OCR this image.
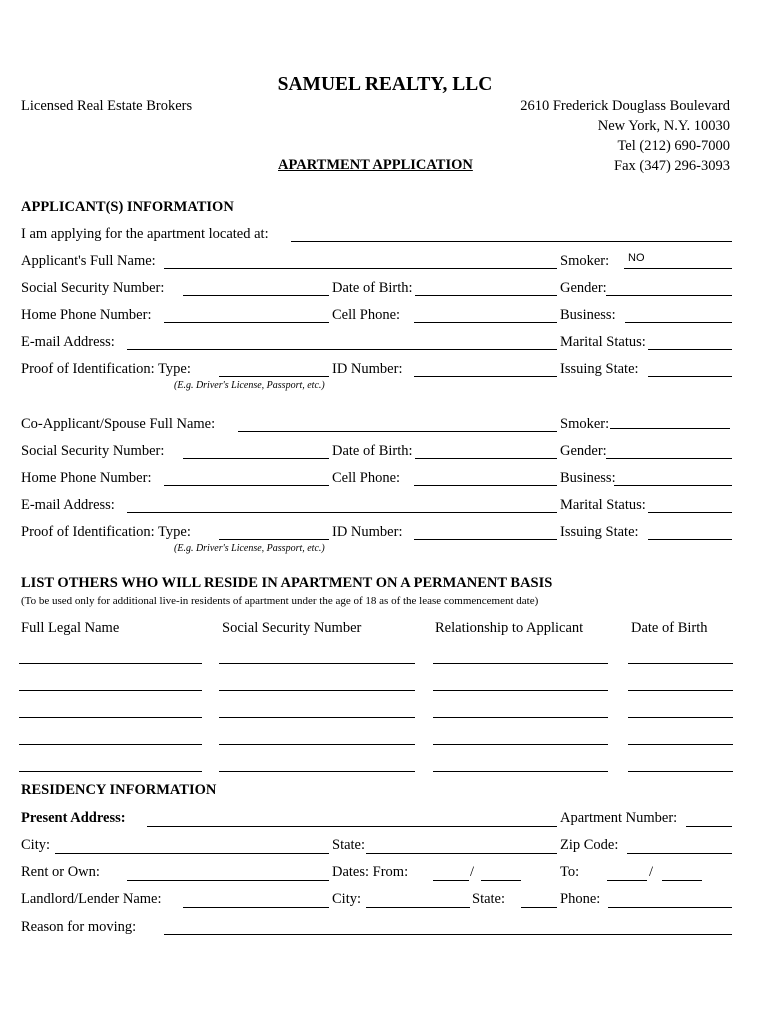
SAMUEL REALTY, LLC
Licensed Real Estate Brokers	2610 Frederick Douglass Boulevard
New York, N.Y. 10030
Tel (212) 690-7000
Fax (347) 296-3093
APARTMENT APPLICATION
APPLICANT(S) INFORMATION
I am applying for the apartment located at:
Applicant's Full Name:	Smoker: NO
Social Security Number:	Date of Birth:	Gender:
Home Phone Number:	Cell Phone:	Business:
E-mail Address:	Marital Status:
Proof of Identification: Type:	ID Number:	Issuing State:
(E.g. Driver's License, Passport, etc.)
Co-Applicant/Spouse Full Name:	Smoker:
Social Security Number:	Date of Birth:	Gender:
Home Phone Number:	Cell Phone:	Business:
E-mail Address:	Marital Status:
Proof of Identification: Type:	ID Number:	Issuing State:
(E.g. Driver's License, Passport, etc.)
LIST OTHERS WHO WILL RESIDE IN APARTMENT ON A PERMANENT BASIS
(To be used only for additional live-in residents of apartment under the age of 18 as of the lease commencement date)
Full Legal Name	Social Security Number	Relationship to Applicant	Date of Birth
RESIDENCY INFORMATION
Present Address:	Apartment Number:
City:	State:	Zip Code:
Rent or Own:	Dates: From:	/	To:	/
Landlord/Lender Name:	City:	State:	Phone:
Reason for moving:
